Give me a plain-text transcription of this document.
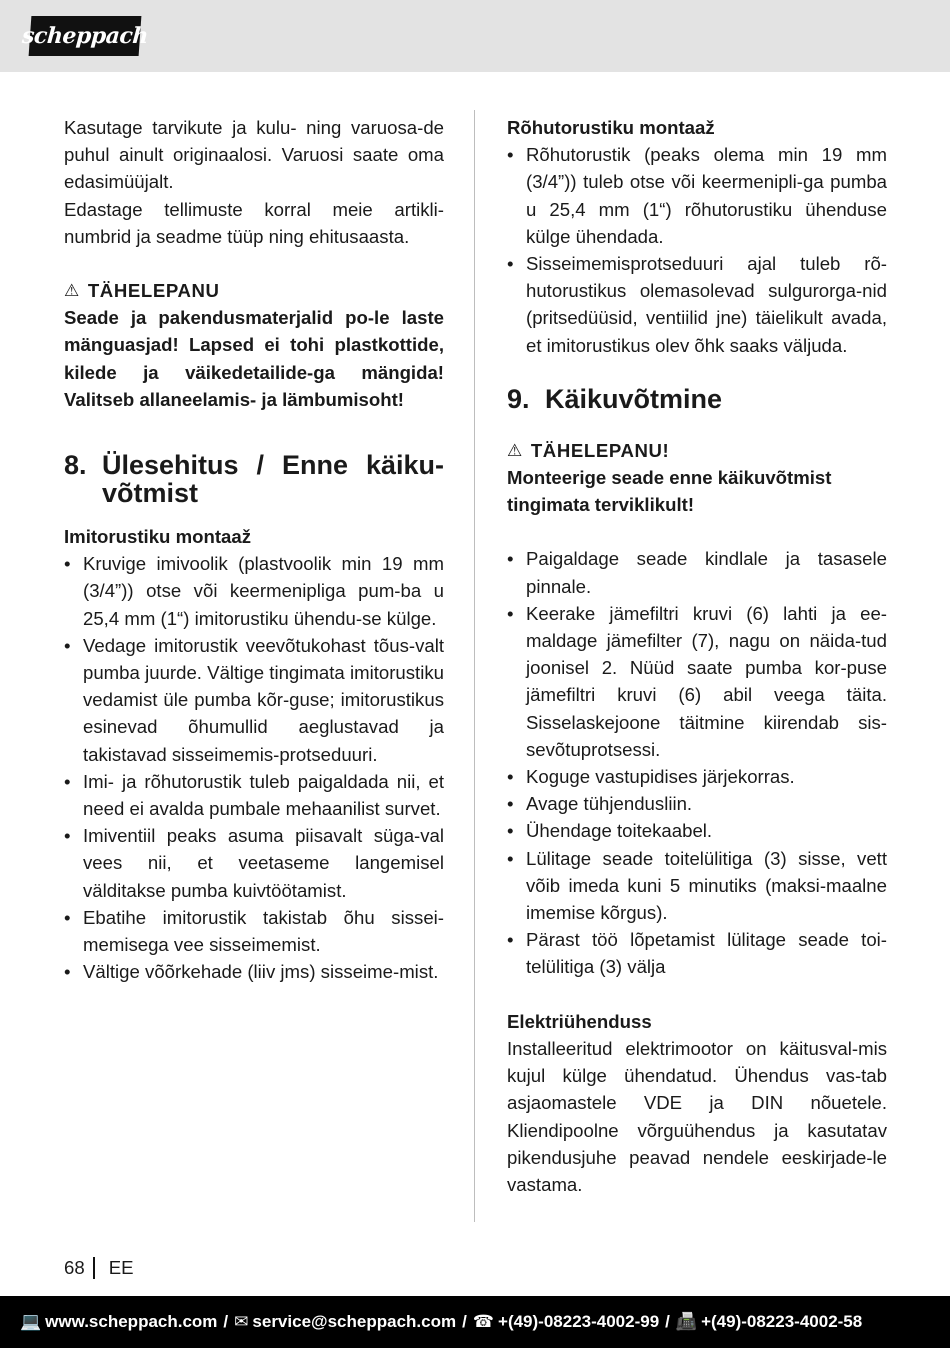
scheppach

Kasutage tarvikute ja kulu- ning varuosa-de puhul ainult originaalosi. Varuosi saate oma edasimüüjalt.

Edastage tellimuste korral meie artikli-numbrid ja seadme tüüp ning ehitusaasta.

⚠ TÄHELEPANU

Seade ja pakendusmaterjalid po-le laste mänguasjad! Lapsed ei tohi plastkottide, kilede ja väikedetailide-ga mängida! Valitseb allaneelamis- ja lämbumisoht!

8. Ülesehitus / Enne käiku-võtmist

Imitorustiku montaaž

• Kruvige imivoolik (plastvoolik min 19 mm (3/4”)) otse või keermenipliga pum-ba u 25,4 mm (1“) imitorustiku ühendu-se külge.
• Vedage imitorustik veevõtukohast tõus-valt pumba juurde. Vältige tingimata imitorustiku vedamist üle pumba kõr-guse; imitorustikus esinevad õhumullid aeglustavad ja takistavad sisseimemis-protseduuri.
• Imi- ja rõhutorustik tuleb paigaldada nii, et need ei avalda pumbale mehaanilist survet.
• Imiventiil peaks asuma piisavalt süga-val vees nii, et veetaseme langemisel välditakse pumba kuivtöötamist.
• Ebatihe imitorustik takistab õhu sissei-memisega vee sisseimemist.
• Vältige võõrkehade (liiv jms) sisseime-mist.

Rõhutorustiku montaaž

• Rõhutorustik (peaks olema min 19 mm (3/4”)) tuleb otse või keermenipli-ga pumba u 25,4 mm (1“) rõhutorustiku ühenduse külge ühendada.
• Sisseimemisprotseduuri ajal tuleb rõ-hutorustikus olemasolevad sulgurorga-nid (pritsedüüsid, ventiilid jne) täielikult avada, et imitorustikus olev õhk saaks väljuda.
9. Käikuvõtmine
⚠ TÄHELEPANU!

Monteerige seade enne käikuvõtmist tingimata terviklikult!

• Paigaldage seade kindlale ja tasasele pinnale.
• Keerake jämefiltri kruvi (6) lahti ja ee-maldage jämefilter (7), nagu on näida-tud joonisel 2. Nüüd saate pumba kor-puse jämefiltri kruvi (6) abil veega täita. Sisselaskejoone täitmine kiirendab sis-sevõtuprotsessi.
• Koguge vastupidises järjekorras.
• Avage tühjendusliin.
• Ühendage toitekaabel.
• Lülitage seade toitelülitiga (3) sisse, vett võib imeda kuni 5 minutiks (maksi-maalne imemise kõrgus).
• Pärast töö lõpetamist lülitage seade toi-telülitiga (3) välja

Elektriühenduss

Installeeritud elektrimootor on käitusval-mis kujul külge ühendatud. Ühendus vas-tab asjaomastele VDE ja DIN nõuetele. Kliendipoolne võrguühendus ja kasutatav pikendusjuhe peavad nendele eeskirjade-le vastama.

68 EE
💻 www.scheppach.com / ✉ service@scheppach.com / ☎ +(49)-08223-4002-99 / 📠 +(49)-08223-4002-58
